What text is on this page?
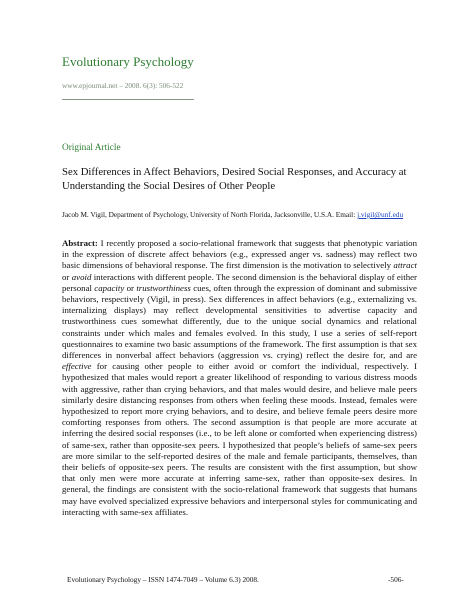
Evolutionary Psychology
www.epjournal.net – 2008. 6(3): 506-522
Original Article
Sex Differences in Affect Behaviors, Desired Social Responses, and Accuracy at Understanding the Social Desires of Other People
Jacob M. Vigil, Department of Psychology, University of North Florida, Jacksonville, U.S.A. Email: j.vigil@unf.edu

Abstract: I recently proposed a socio-relational framework that suggests that phenotypic variation in the expression of discrete affect behaviors (e.g., expressed anger vs. sadness) may reflect two basic dimensions of behavioral response. The first dimension is the motivation to selectively attract or avoid interactions with different people. The second dimension is the behavioral display of either personal capacity or trustworthiness cues, often through the expression of dominant and submissive behaviors, respectively (Vigil, in press). Sex differences in affect behaviors (e.g., externalizing vs. internalizing displays) may reflect developmental sensitivities to advertise capacity and trustworthiness cues somewhat differently, due to the unique social dynamics and relational constraints under which males and females evolved. In this study, I use a series of self-report questionnaires to examine two basic assumptions of the framework. The first assumption is that sex differences in nonverbal affect behaviors (aggression vs. crying) reflect the desire for, and are effective for causing other people to either avoid or comfort the individual, respectively. I hypothesized that males would report a greater likelihood of responding to various distress moods with aggressive, rather than crying behaviors, and that males would desire, and believe male peers similarly desire distancing responses from others when feeling these moods. Instead, females were hypothesized to report more crying behaviors, and to desire, and believe female peers desire more comforting responses from others. The second assumption is that people are more accurate at inferring the desired social responses (i.e., to be left alone or comforted when experiencing distress) of same-sex, rather than opposite-sex peers. I hypothesized that people’s beliefs of same-sex peers are more similar to the self-reported desires of the male and female participants, themselves, than their beliefs of opposite-sex peers. The results are consistent with the first assumption, but show that only men were more accurate at inferring same-sex, rather than opposite-sex desires. In general, the findings are consistent with the socio-relational framework that suggests that humans may have evolved specialized expressive behaviors and interpersonal styles for communicating and interacting with same-sex affiliates.

Evolutionary Psychology – ISSN 1474-7049 – Volume 6.3) 2008.	-506-
